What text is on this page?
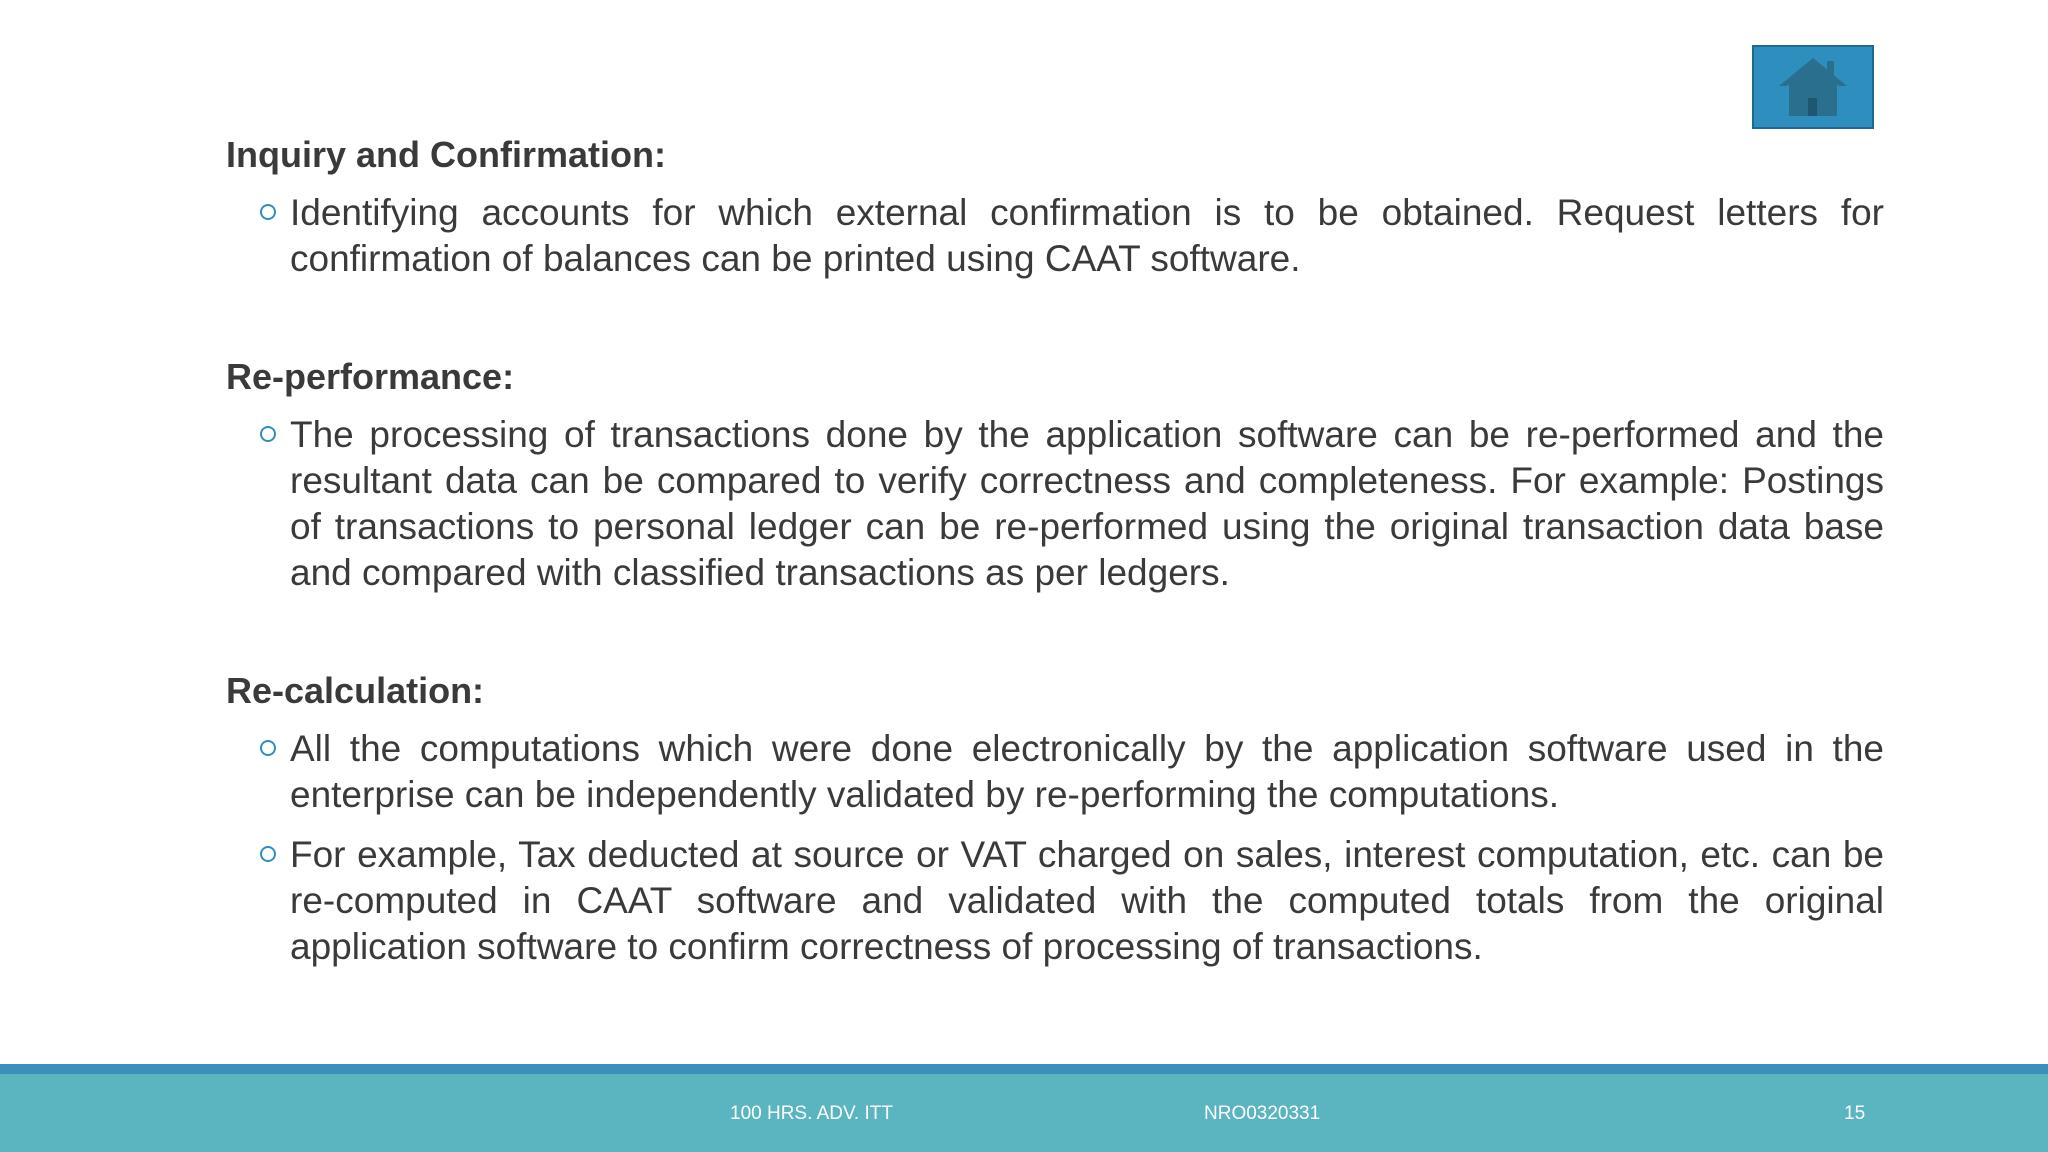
Inquiry and Confirmation:
Identifying accounts for which external confirmation is to be obtained. Request letters for confirmation of balances can be printed using CAAT software.
Re-performance:
The processing of transactions done by the application software can be re-performed and the resultant data can be compared to verify correctness and completeness. For example: Postings of transactions to personal ledger can be re-performed using the original transaction data base and compared with classified transactions as per ledgers.
Re-calculation:
All the computations which were done electronically by the application software used in the enterprise can be independently validated by re-performing the computations.
For example, Tax deducted at source or VAT charged on sales, interest computation, etc. can be re-computed in CAAT software and validated with the computed totals from the original application software to confirm correctness of processing of transactions.
100 HRS. ADV. ITT	NRO0320331	15
